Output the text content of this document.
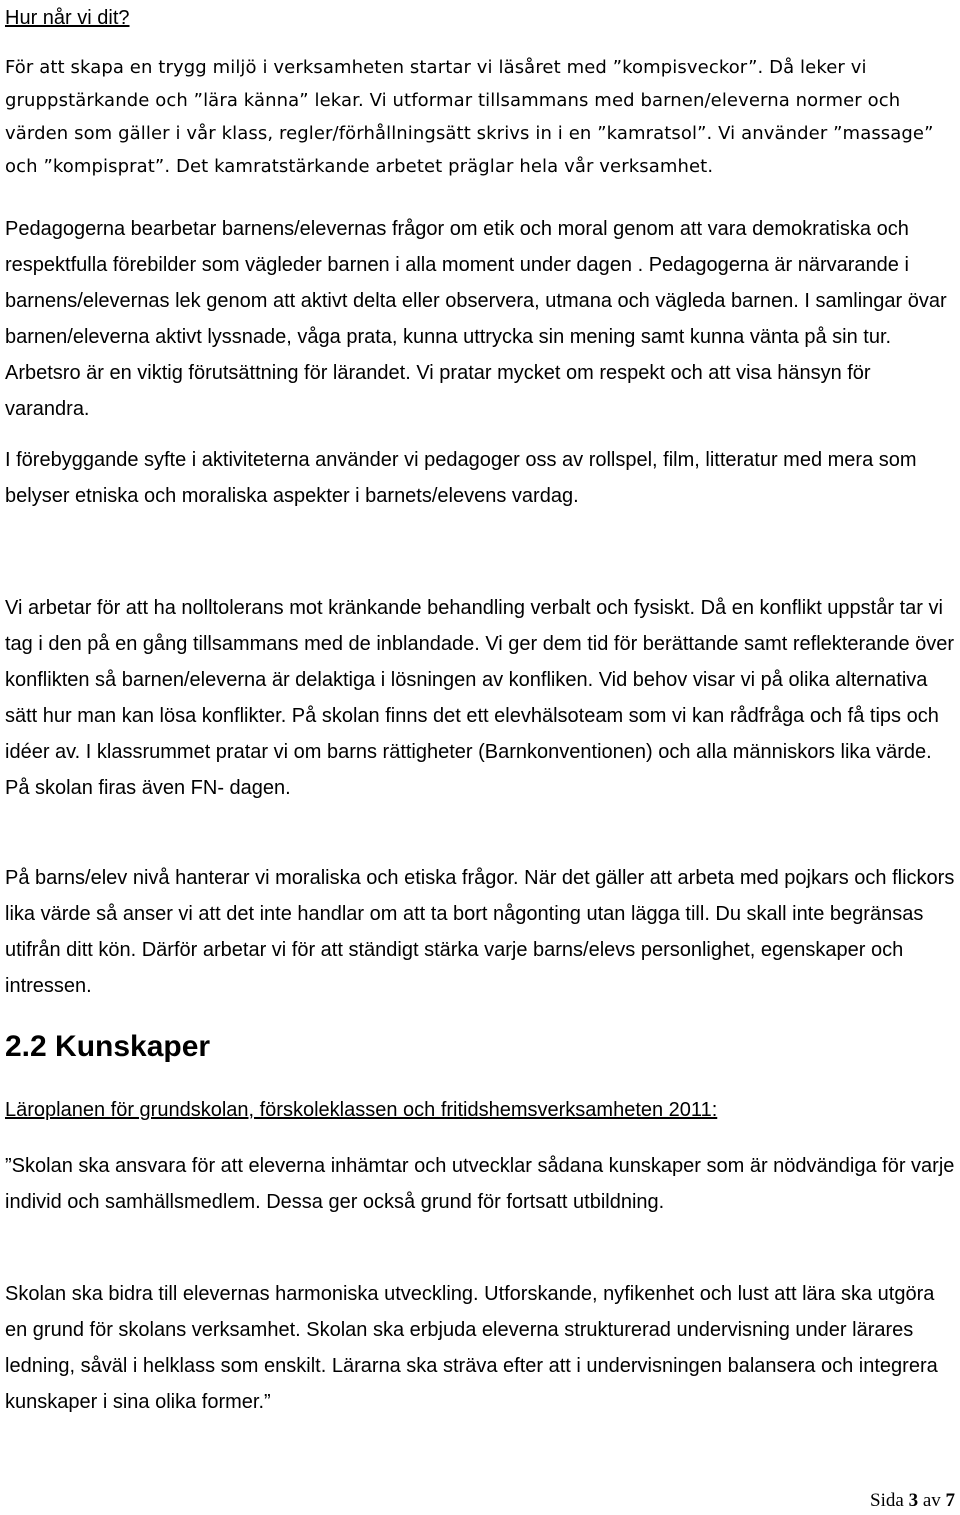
Hur når vi dit?

För att skapa en trygg miljö i verksamheten startar vi läsåret med ”kompisveckor”. Då leker vi gruppstärkande och ”lära känna” lekar. Vi utformar tillsammans med barnen/eleverna normer och värden som gäller i vår klass, regler/förhållningsätt skrivs in i en ”kamratsol”. Vi använder ”massage” och ”kompisprat”. Det kamratstärkande arbetet präglar hela vår verksamhet.

Pedagogerna bearbetar barnens/elevernas frågor om etik och moral genom att vara demokratiska och respektfulla förebilder som vägleder barnen i alla moment under dagen . Pedagogerna är närvarande i barnens/elevernas lek genom att aktivt delta eller observera, utmana och vägleda barnen. I samlingar övar barnen/eleverna aktivt lyssnade, våga prata, kunna uttrycka sin mening samt kunna vänta på sin tur. Arbetsro är en viktig förutsättning för lärandet. Vi pratar mycket om respekt och att visa hänsyn för varandra.

I förebyggande syfte i aktiviteterna använder vi pedagoger oss av rollspel, film, litteratur med mera som belyser etniska och moraliska aspekter i barnets/elevens vardag.

Vi arbetar för att ha nolltolerans mot kränkande behandling verbalt och fysiskt. Då en konflikt uppstår tar vi tag i den på en gång tillsammans med de inblandade. Vi ger dem tid för berättande samt reflekterande över konflikten så barnen/eleverna är delaktiga i lösningen av konfliken. Vid behov visar vi på olika alternativa sätt hur man kan lösa konflikter. På skolan finns det ett elevhälsoteam som vi kan rådfråga och få tips och idéer av. I klassrummet pratar vi om barns rättigheter (Barnkonventionen) och alla människors lika värde. På skolan firas även FN- dagen.

På barns/elev nivå hanterar vi moraliska och etiska frågor. När det gäller att arbeta med pojkars och flickors lika värde så anser vi att det inte handlar om att ta bort någonting utan lägga till. Du skall inte begränsas utifrån ditt kön. Därför arbetar vi för att ständigt stärka varje barns/elevs personlighet, egenskaper och intressen.

2.2 Kunskaper

Läroplanen för grundskolan, förskoleklassen och fritidshemsverksamheten 2011:

”Skolan ska ansvara för att eleverna inhämtar och utvecklar sådana kunskaper som är nödvändiga för varje individ och samhällsmedlem. Dessa ger också grund för fortsatt utbildning.

Skolan ska bidra till elevernas harmoniska utveckling. Utforskande, nyfikenhet och lust att lära ska utgöra en grund för skolans verksamhet. Skolan ska erbjuda eleverna strukturerad undervisning under lärares ledning, såväl i helklass som enskilt. Lärarna ska sträva efter att i undervisningen balansera och integrera kunskaper i sina olika former.”

Sida 3 av 7
